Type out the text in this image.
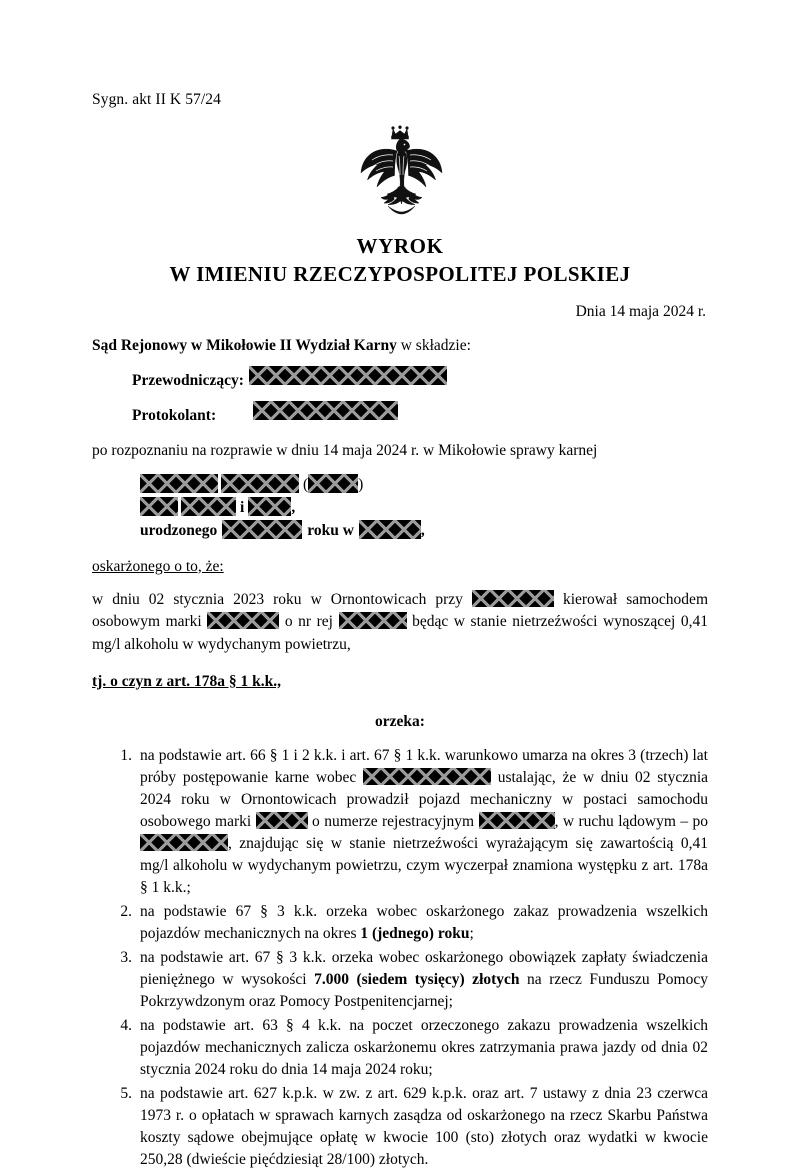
Sygn. akt II K 57/24
WYROK
W IMIENIU RZECZYPOSPOLITEJ POLSKIEJ
Dnia 14 maja 2024 r.
Sąd Rejonowy w Mikołowie II Wydział Karny w składzie:
Przewodniczący :
Protokolant :
po rozpoznaniu na rozprawie w dniu 14 maja 2024 r. w Mikołowie sprawy karnej
(	)
i	,
urodzonego	roku w	,
oskarżonego o to, że:
w dniu 02 stycznia 2023 roku w Ornontowicach przy	kierował samochodem osobowym marki	o nr rej	będąc w stanie nietrzeźwości wynoszącej 0,41 mg/l alkoholu w wydychanym powietrzu,
tj. o czyn z art. 178a § 1 k.k.,
orzeka:
na podstawie art. 66 § 1 i 2 k.k. i art. 67 § 1 k.k. warunkowo umarza na okres 3 (trzech) lat próby postępowanie karne wobec	ustalając, że w dniu 02 stycznia 2024 roku w Ornontowicach prowadził pojazd mechaniczny w postaci samochodu osobowego marki	o numerze rejestracyjnym	, w ruchu lądowym – po , znajdując się w stanie nietrzeźwości wyrażającym się zawartością 0,41 mg/l alkoholu w wydychanym powietrzu, czym wyczerpał znamiona występku z art. 178a § 1 k.k.;
na podstawie 67 § 3 k.k. orzeka wobec oskarżonego zakaz prowadzenia wszelkich pojazdów mechanicznych na okres 1 (jednego) roku;
na podstawie art. 67 § 3 k.k. orzeka wobec oskarżonego obowiązek zapłaty świadczenia pieniężnego w wysokości 7.000 (siedem tysięcy) złotych na rzecz Funduszu Pomocy Pokrzywdzonym oraz Pomocy Postpenitencjarnej;
na podstawie art. 63 § 4 k.k. na poczet orzeczonego zakazu prowadzenia wszelkich pojazdów mechanicznych zalicza oskarżonemu okres zatrzymania prawa jazdy od dnia 02 stycznia 2024 roku do dnia 14 maja 2024 roku;
na podstawie art. 627 k.p.k. w zw. z art. 629 k.p.k. oraz art. 7 ustawy z dnia 23 czerwca 1973 r. o opłatach w sprawach karnych zasądza od oskarżonego na rzecz Skarbu Państwa koszty sądowe obejmujące opłatę w kwocie 100 (sto) złotych oraz wydatki w kwocie 250,28 (dwieście pięćdziesiąt 28/100) złotych.
